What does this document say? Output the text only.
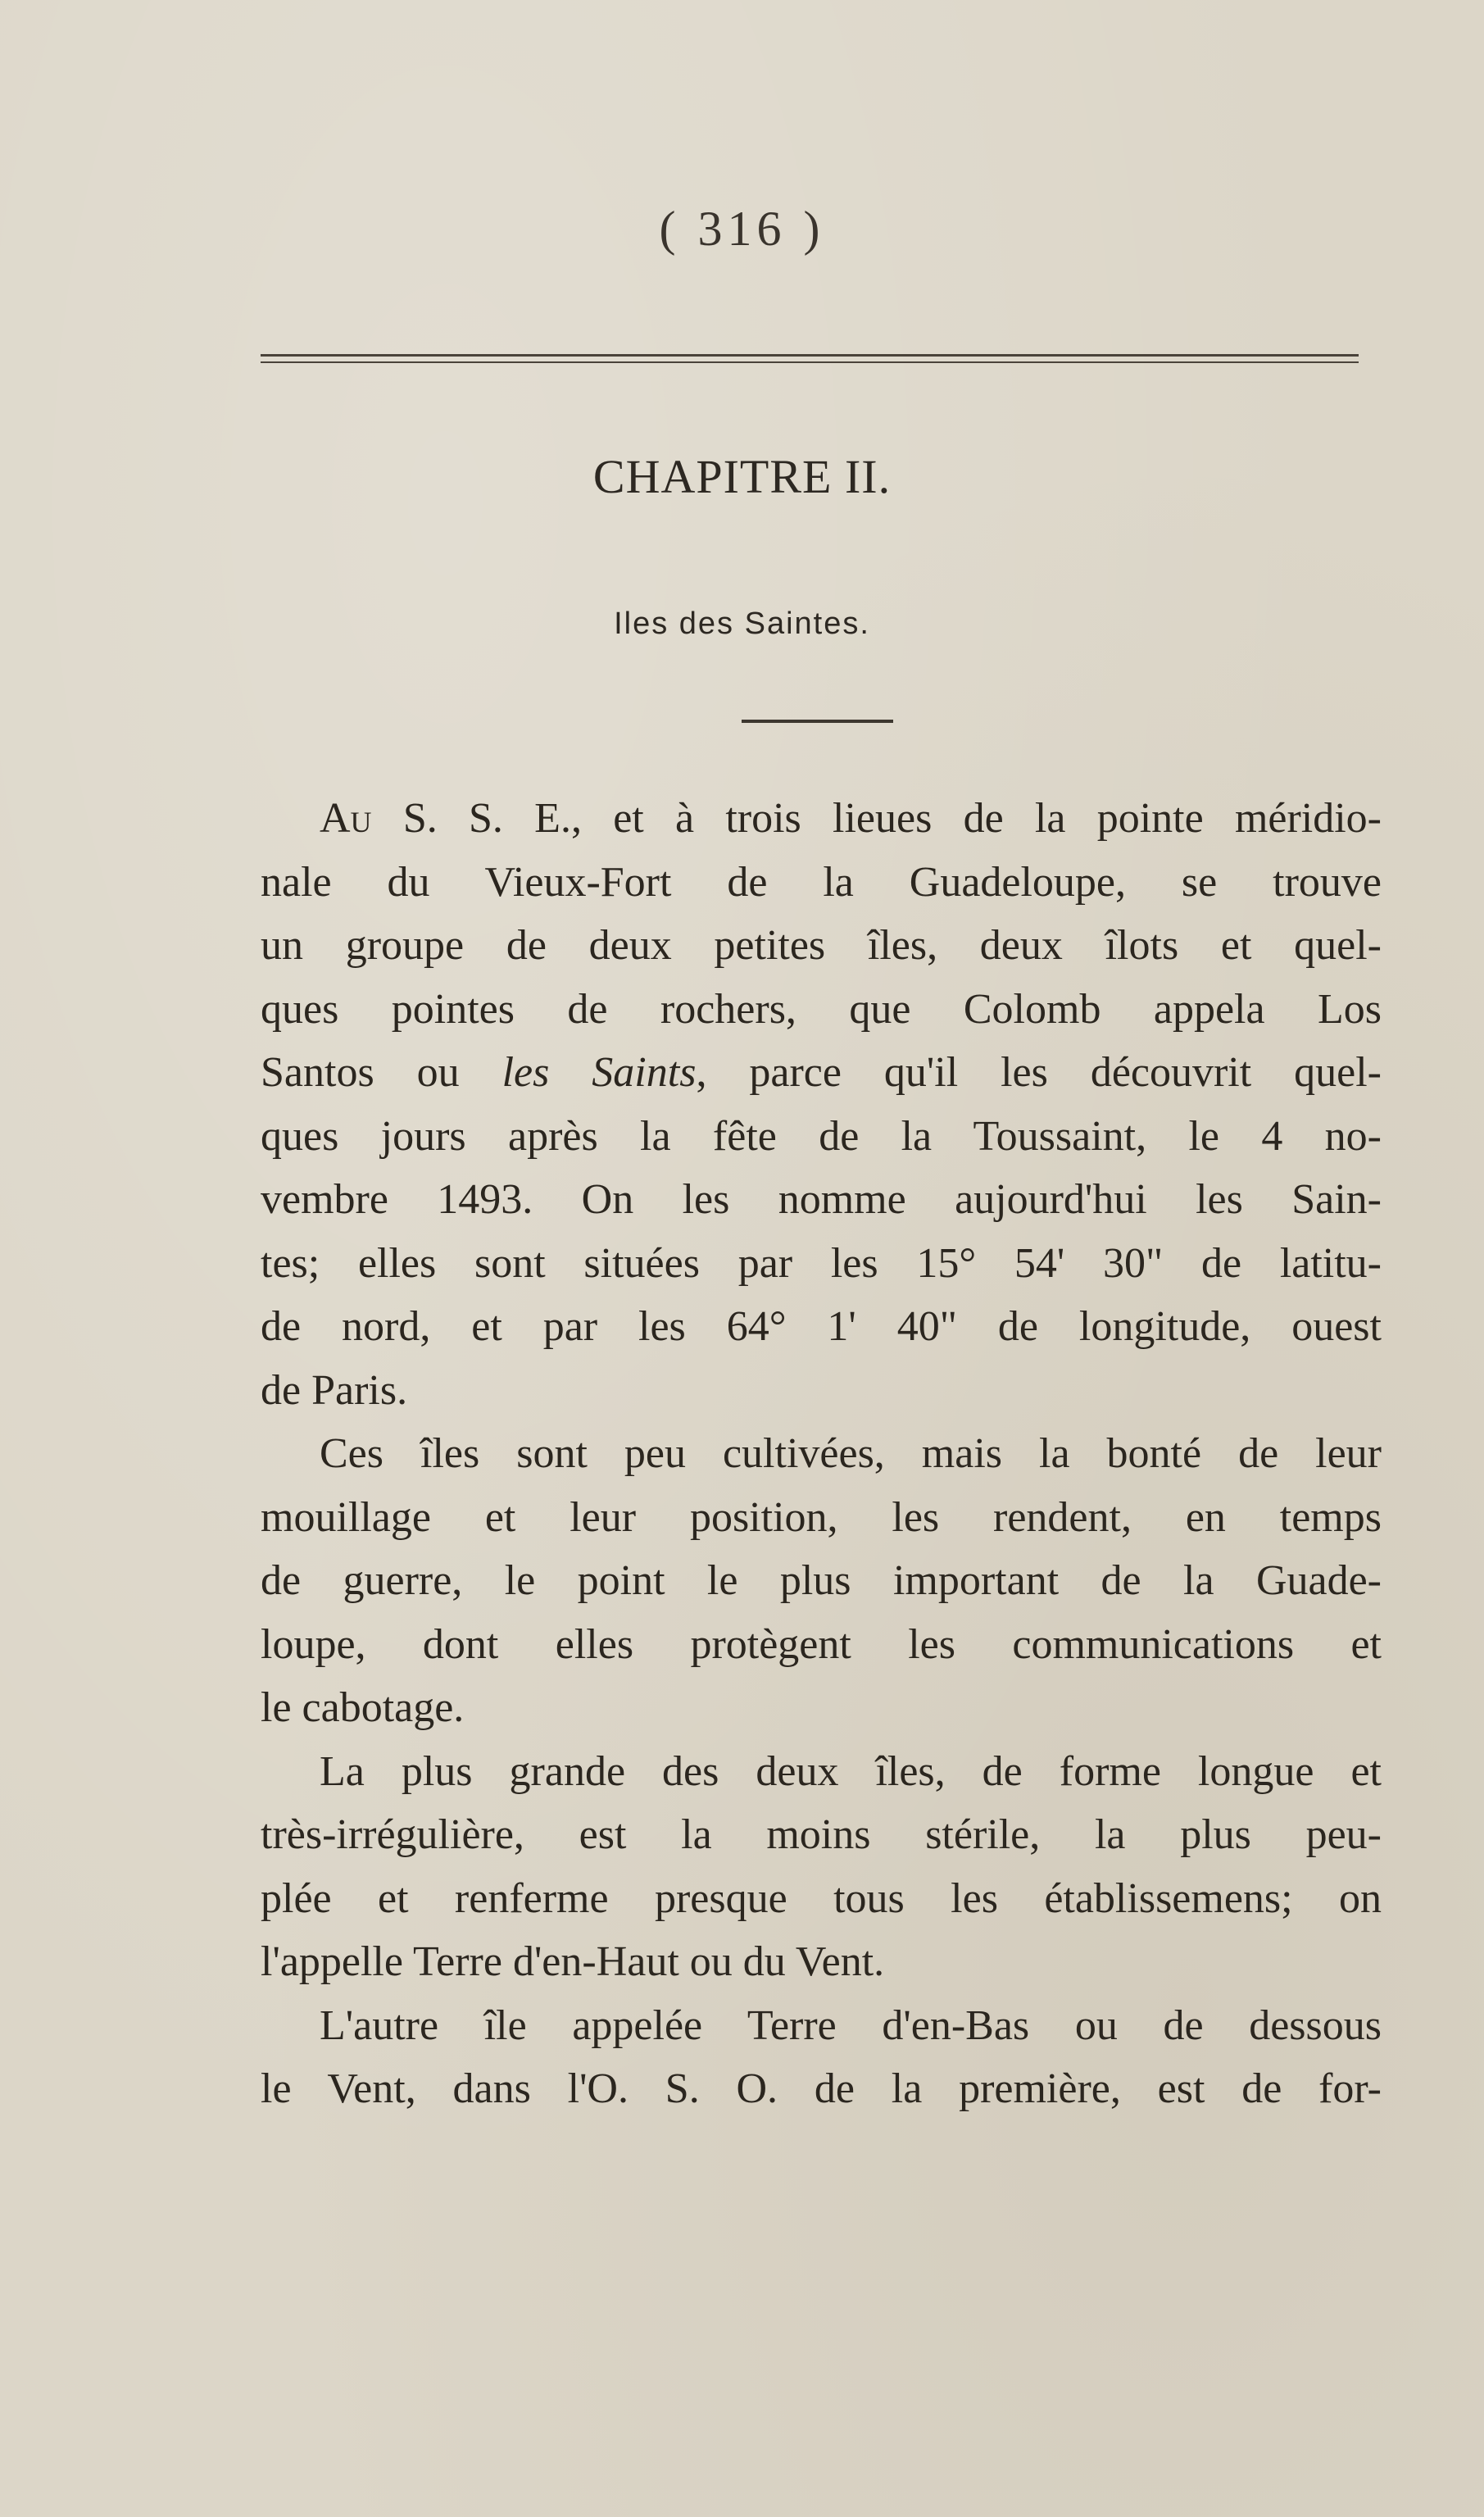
( 316 )
CHAPITRE II.
Iles des Saintes.
Au S. S. E., et à trois lieues de la pointe méridio-
nale du Vieux-Fort de la Guadeloupe, se trouve
un groupe de deux petites îles, deux îlots et quel-
ques pointes de rochers, que Colomb appela Los
Santos ou les Saints, parce qu'il les découvrit quel-
ques jours après la fête de la Toussaint, le 4 no-
vembre 1493. On les nomme aujourd'hui les Sain-
tes; elles sont situées par les 15° 54' 30" de latitu-
de nord, et par les 64° 1' 40" de longitude, ouest
de Paris.
Ces îles sont peu cultivées, mais la bonté de leur
mouillage et leur position, les rendent, en temps
de guerre, le point le plus important de la Guade-
loupe, dont elles protègent les communications et
le cabotage.
La plus grande des deux îles, de forme longue et
très-irrégulière, est la moins stérile, la plus peu-
plée et renferme presque tous les établissemens; on
l'appelle Terre d'en-Haut ou du Vent.
L'autre île appelée Terre d'en-Bas ou de dessous
le Vent, dans l'O. S. O. de la première, est de for-
